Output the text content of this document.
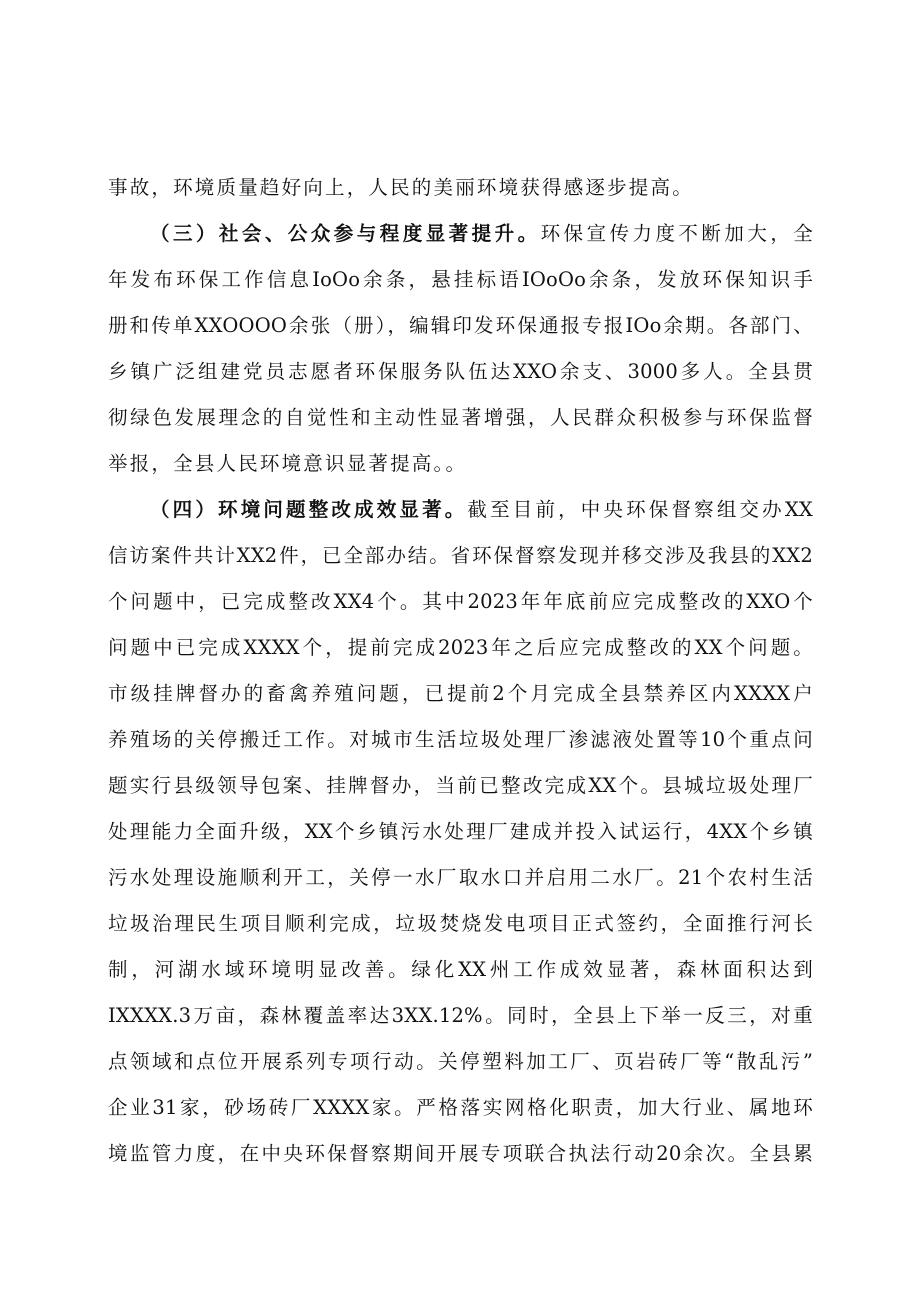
事故，环境质量趋好向上，人民的美丽环境获得感逐步提高。
（三）社会、公众参与程度显著提升。环保宣传力度不断加大，全
年发布环保工作信息IoOo余条，悬挂标语IOoOo余条，发放环保知识手
册和传单XXOOOO余张（册），编辑印发环保通报专报IOo余期。各部门、
乡镇广泛组建党员志愿者环保服务队伍达XXO余支、3000多人。全县贯
彻绿色发展理念的自觉性和主动性显著增强，人民群众积极参与环保监督
举报，全县人民环境意识显著提高。。
（四）环境问题整改成效显著。截至目前，中央环保督察组交办XX
信访案件共计XX2件，已全部办结。省环保督察发现并移交涉及我县的XX2
个问题中，已完成整改XX4个。其中2023年年底前应完成整改的XXO个
问题中已完成XXXX个，提前完成2023年之后应完成整改的XX个问题。
市级挂牌督办的畜禽养殖问题，已提前2个月完成全县禁养区内XXXX户
养殖场的关停搬迁工作。对城市生活垃圾处理厂渗滤液处置等10个重点问
题实行县级领导包案、挂牌督办，当前已整改完成XX个。县城垃圾处理厂
处理能力全面升级，XX个乡镇污水处理厂建成并投入试运行，4XX个乡镇
污水处理设施顺利开工，关停一水厂取水口并启用二水厂。21个农村生活
垃圾治理民生项目顺利完成，垃圾焚烧发电项目正式签约，全面推行河长
制，河湖水域环境明显改善。绿化XX州工作成效显著，森林面积达到
IXXXX.3万亩，森林覆盖率达3XX.12%。同时，全县上下举一反三，对重
点领域和点位开展系列专项行动。关停塑料加工厂、页岩砖厂等“散乱污”
企业31家，砂场砖厂XXXX家。严格落实网格化职责，加大行业、属地环
境监管力度，在中央环保督察期间开展专项联合执法行动20余次。全县累
